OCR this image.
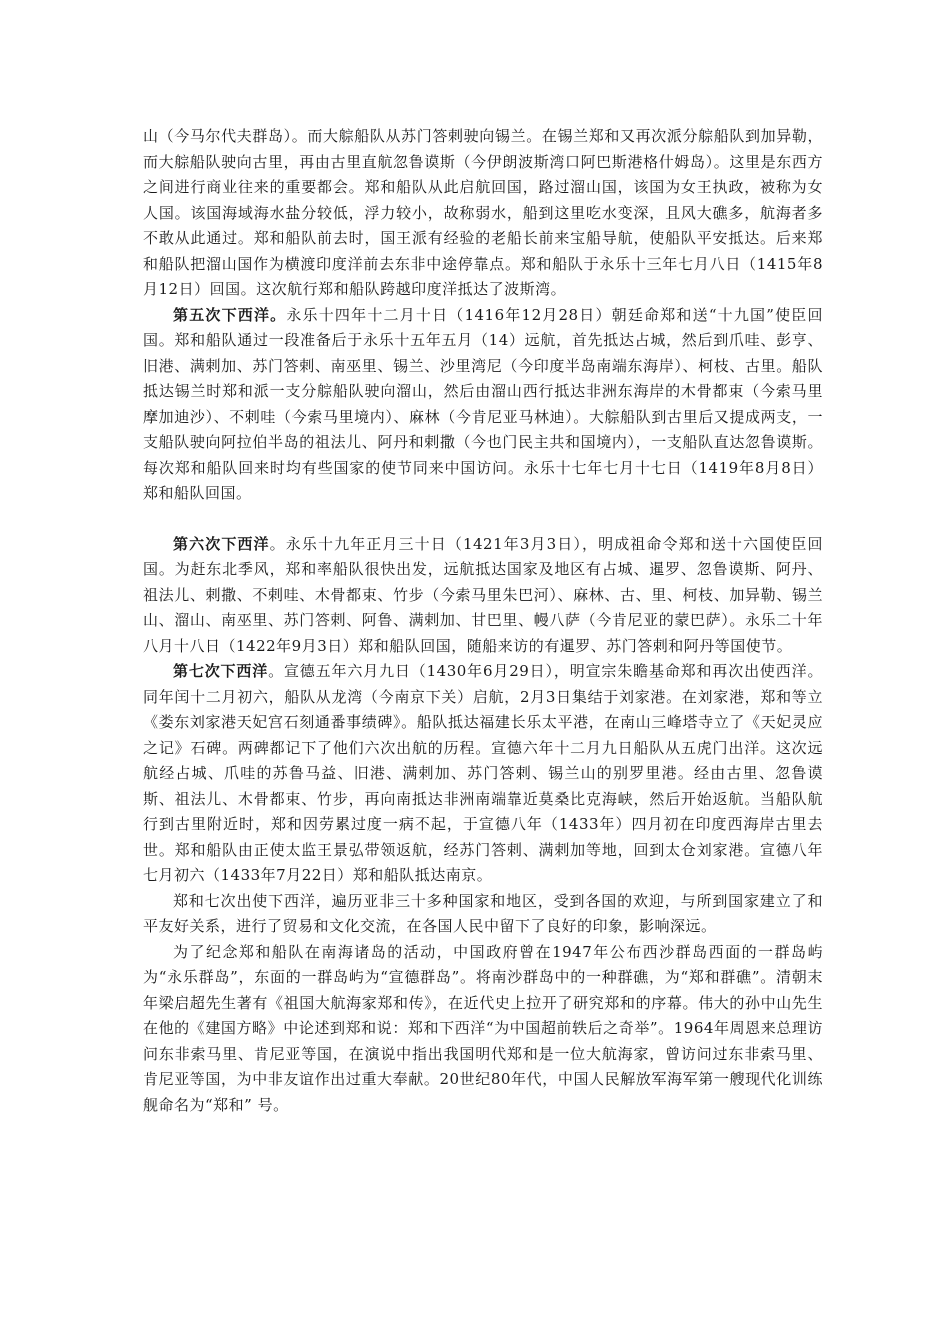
山（今马尔代夫群岛）。而大䑸船队从苏门答剌驶向锡兰。在锡兰郑和又再次派分䑸船队到加异勒，而大䑸船队驶向古里，再由古里直航忽鲁谟斯（今伊朗波斯湾口阿巴斯港格什姆岛）。这里是东西方之间进行商业往来的重要都会。郑和船队从此启航回国，路过溜山国，该国为女王执政，被称为女人国。该国海域海水盐分较低，浮力较小，故称弱水，船到这里吃水变深，且风大礁多，航海者多不敢从此通过。郑和船队前去时，国王派有经验的老船长前来宝船导航，使船队平安抵达。后来郑和船队把溜山国作为横渡印度洋前去东非中途停靠点。郑和船队于永乐十三年七月八日（1415年8月12日）回国。这次航行郑和船队跨越印度洋抵达了波斯湾。

第五次下西洋。永乐十四年十二月十日（1416年12月28日）朝廷命郑和送“十九国”使臣回国。郑和船队通过一段准备后于永乐十五年五月（14）远航，首先抵达占城，然后到爪哇、彭亨、旧港、满剌加、苏门答剌、南巫里、锡兰、沙里湾尼（今印度半岛南端东海岸）、柯枝、古里。船队抵达锡兰时郑和派一支分䑸船队驶向溜山，然后由溜山西行抵达非洲东海岸的木骨都束（今索马里摩加迪沙）、不剌哇（今索马里境内）、麻林（今肯尼亚马林迪）。大䑸船队到古里后又提成两支，一支船队驶向阿拉伯半岛的祖法儿、阿丹和剌撒（今也门民主共和国境内），一支船队直达忽鲁谟斯。每次郑和船队回来时均有些国家的使节同来中国访问。永乐十七年七月十七日（1419年8月8日）郑和船队回国。

第六次下西洋。永乐十九年正月三十日（1421年3月3日），明成祖命令郑和送十六国使臣回国。为赶东北季风，郑和率船队很快出发，远航抵达国家及地区有占城、暹罗、忽鲁谟斯、阿丹、祖法儿、剌撒、不剌哇、木骨都束、竹步（今索马里朱巴河）、麻林、古、里、柯枝、加异勒、锡兰山、溜山、南巫里、苏门答剌、阿鲁、满剌加、甘巴里、幔八萨（今肯尼亚的蒙巴萨）。永乐二十年八月十八日（1422年9月3日）郑和船队回国，随船来访的有暹罗、苏门答剌和阿丹等国使节。

第七次下西洋。宣德五年六月九日（1430年6月29日），明宣宗朱瞻基命郑和再次出使西洋。同年闰十二月初六，船队从龙湾（今南京下关）启航，2月3日集结于刘家港。在刘家港，郑和等立《娄东刘家港天妃宫石刻通番事绩碑》。船队抵达福建长乐太平港，在南山三峰塔寺立了《天妃灵应之记》石碑。两碑都记下了他们六次出航的历程。宣德六年十二月九日船队从五虎门出洋。这次远航经占城、爪哇的苏鲁马益、旧港、满剌加、苏门答剌、锡兰山的别罗里港。经由古里、忽鲁谟斯、祖法儿、木骨都束、竹步，再向南抵达非洲南端靠近莫桑比克海峡，然后开始返航。当船队航行到古里附近时，郑和因劳累过度一病不起，于宣德八年（1433年）四月初在印度西海岸古里去世。郑和船队由正使太监王景弘带领返航，经苏门答剌、满剌加等地，回到太仓刘家港。宣德八年七月初六（1433年7月22日）郑和船队抵达南京。

郑和七次出使下西洋，遍历亚非三十多种国家和地区，受到各国的欢迎，与所到国家建立了和平友好关系，进行了贸易和文化交流，在各国人民中留下了良好的印象，影响深远。

为了纪念郑和船队在南海诸岛的活动，中国政府曾在1947年公布西沙群岛西面的一群岛屿为“永乐群岛”，东面的一群岛屿为“宣德群岛”。将南沙群岛中的一种群礁，为“郑和群礁”。清朝末年梁启超先生著有《祖国大航海家郑和传》，在近代史上拉开了研究郑和的序幕。伟大的孙中山先生在他的《建国方略》中论述到郑和说：郑和下西洋“为中国超前轶后之奇举”。1964年周恩来总理访问东非索马里、肯尼亚等国，在演说中指出我国明代郑和是一位大航海家，曾访问过东非索马里、肯尼亚等国，为中非友谊作出过重大奉献。20世纪80年代，中国人民解放军海军第一艘现代化训练舰命名为“郑和” 号。
